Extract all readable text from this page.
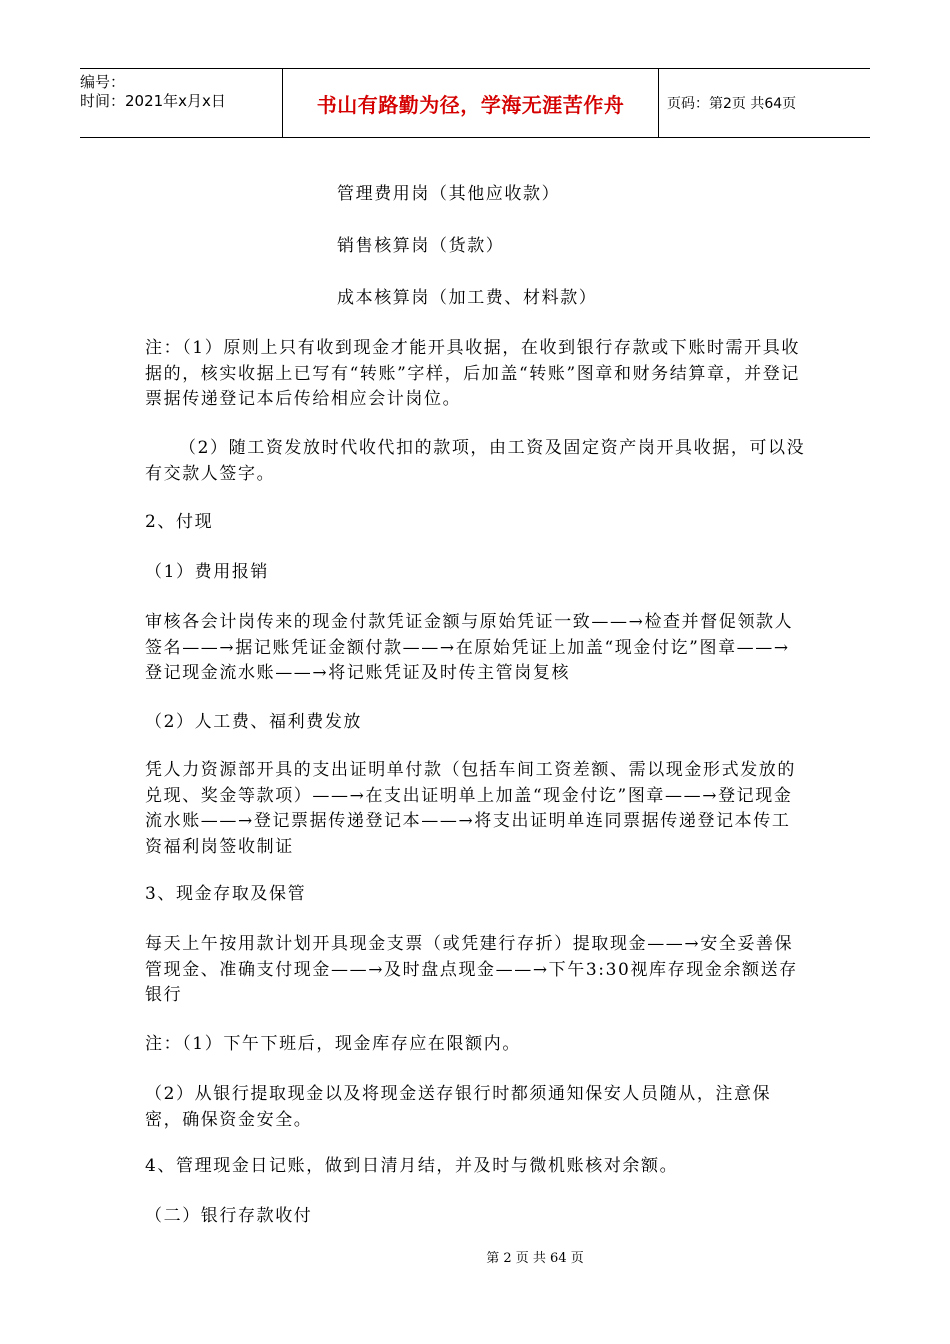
编号：
时间：2021年x月x日	书山有路勤为径，学海无涯苦作舟	页码：第2页 共64页

管理费用岗（其他应收款）

销售核算岗（货款）

成本核算岗（加工费、材料款）

注：（1）原则上只有收到现金才能开具收据，在收到银行存款或下账时需开具收据的，核实收据上已写有“转账”字样，后加盖“转账”图章和财务结算章，并登记票据传递登记本后传给相应会计岗位。

（2）随工资发放时代收代扣的款项，由工资及固定资产岗开具收据，可以没有交款人签字。

2、付现

（1）费用报销

审核各会计岗传来的现金付款凭证金额与原始凭证一致——→检查并督促领款人签名——→据记账凭证金额付款——→在原始凭证上加盖“现金付讫”图章——→登记现金流水账——→将记账凭证及时传主管岗复核

（2）人工费、福利费发放

凭人力资源部开具的支出证明单付款（包括车间工资差额、需以现金形式发放的兑现、奖金等款项）——→在支出证明单上加盖“现金付讫”图章——→登记现金流水账——→登记票据传递登记本——→将支出证明单连同票据传递登记本传工资福利岗签收制证

3、现金存取及保管

每天上午按用款计划开具现金支票（或凭建行存折）提取现金——→安全妥善保管现金、准确支付现金——→及时盘点现金——→下午3:30视库存现金余额送存银行

注：（1）下午下班后，现金库存应在限额内。

（2）从银行提取现金以及将现金送存银行时都须通知保安人员随从，注意保密，确保资金安全。

4、管理现金日记账，做到日清月结，并及时与微机账核对余额。

（二）银行存款收付

第 2 页 共 64 页
